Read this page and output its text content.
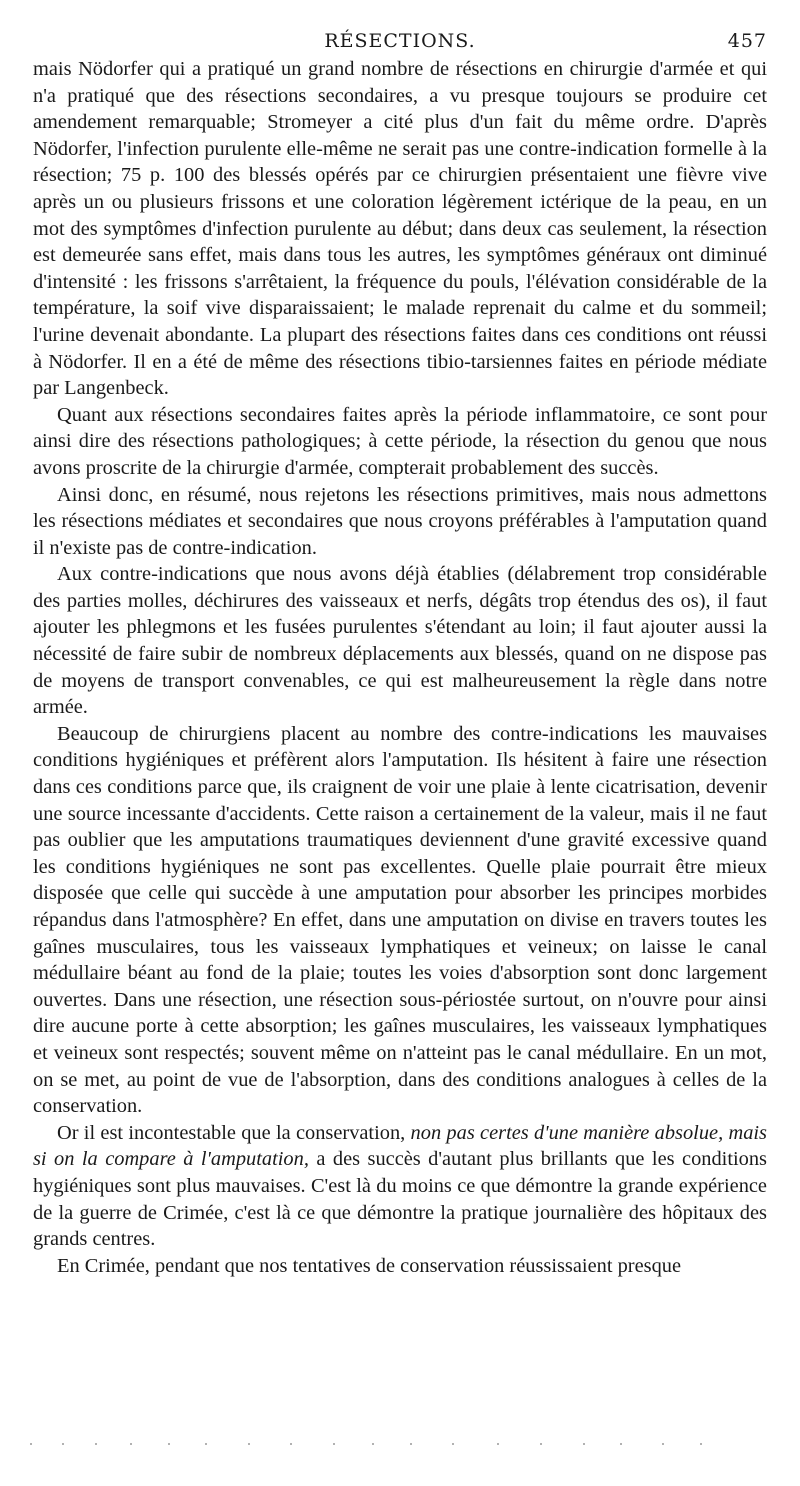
RÉSECTIONS.	457

mais Nödorfer qui a pratiqué un grand nombre de résections en chirurgie d'armée et qui n'a pratiqué que des résections secondaires, a vu presque toujours se produire cet amendement remarquable; Stromeyer a cité plus d'un fait du même ordre. D'après Nödorfer, l'infection purulente elle-même ne serait pas une contre-indication formelle à la résection; 75 p. 100 des blessés opérés par ce chirurgien présentaient une fièvre vive après un ou plusieurs frissons et une coloration légèrement ictérique de la peau, en un mot des symptômes d'infection purulente au début; dans deux cas seulement, la résection est demeurée sans effet, mais dans tous les autres, les symptômes généraux ont diminué d'intensité : les frissons s'arrêtaient, la fréquence du pouls, l'élévation considérable de la température, la soif vive disparaissaient; le malade reprenait du calme et du sommeil; l'urine devenait abondante. La plupart des résections faites dans ces conditions ont réussi à Nödorfer. Il en a été de même des résections tibio-tarsiennes faites en période médiate par Langenbeck.

Quant aux résections secondaires faites après la période inflammatoire, ce sont pour ainsi dire des résections pathologiques; à cette période, la résection du genou que nous avons proscrite de la chirurgie d'armée, compterait probablement des succès.

Ainsi donc, en résumé, nous rejetons les résections primitives, mais nous admettons les résections médiates et secondaires que nous croyons préférables à l'amputation quand il n'existe pas de contre-indication.

Aux contre-indications que nous avons déjà établies (délabrement trop considérable des parties molles, déchirures des vaisseaux et nerfs, dégâts trop étendus des os), il faut ajouter les phlegmons et les fusées purulentes s'étendant au loin; il faut ajouter aussi la nécessité de faire subir de nombreux déplacements aux blessés, quand on ne dispose pas de moyens de transport convenables, ce qui est malheureusement la règle dans notre armée.

Beaucoup de chirurgiens placent au nombre des contre-indications les mauvaises conditions hygiéniques et préfèrent alors l'amputation. Ils hésitent à faire une résection dans ces conditions parce que, ils craignent de voir une plaie à lente cicatrisation, devenir une source incessante d'accidents. Cette raison a certainement de la valeur, mais il ne faut pas oublier que les amputations traumatiques deviennent d'une gravité excessive quand les conditions hygiéniques ne sont pas excellentes. Quelle plaie pourrait être mieux disposée que celle qui succède à une amputation pour absorber les principes morbides répandus dans l'atmosphère? En effet, dans une amputation on divise en travers toutes les gaînes musculaires, tous les vaisseaux lymphatiques et veineux; on laisse le canal médullaire béant au fond de la plaie; toutes les voies d'absorption sont donc largement ouvertes. Dans une résection, une résection sous-périostée surtout, on n'ouvre pour ainsi dire aucune porte à cette absorption; les gaînes musculaires, les vaisseaux lymphatiques et veineux sont respectés; souvent même on n'atteint pas le canal médullaire. En un mot, on se met, au point de vue de l'absorption, dans des conditions analogues à celles de la conservation.

Or il est incontestable que la conservation, non pas certes d'une manière absolue, mais si on la compare à l'amputation, a des succès d'autant plus brillants que les conditions hygiéniques sont plus mauvaises. C'est là du moins ce que démontre la grande expérience de la guerre de Crimée, c'est là ce que démontre la pratique journalière des hôpitaux des grands centres.

En Crimée, pendant que nos tentatives de conservation réussissaient presque
